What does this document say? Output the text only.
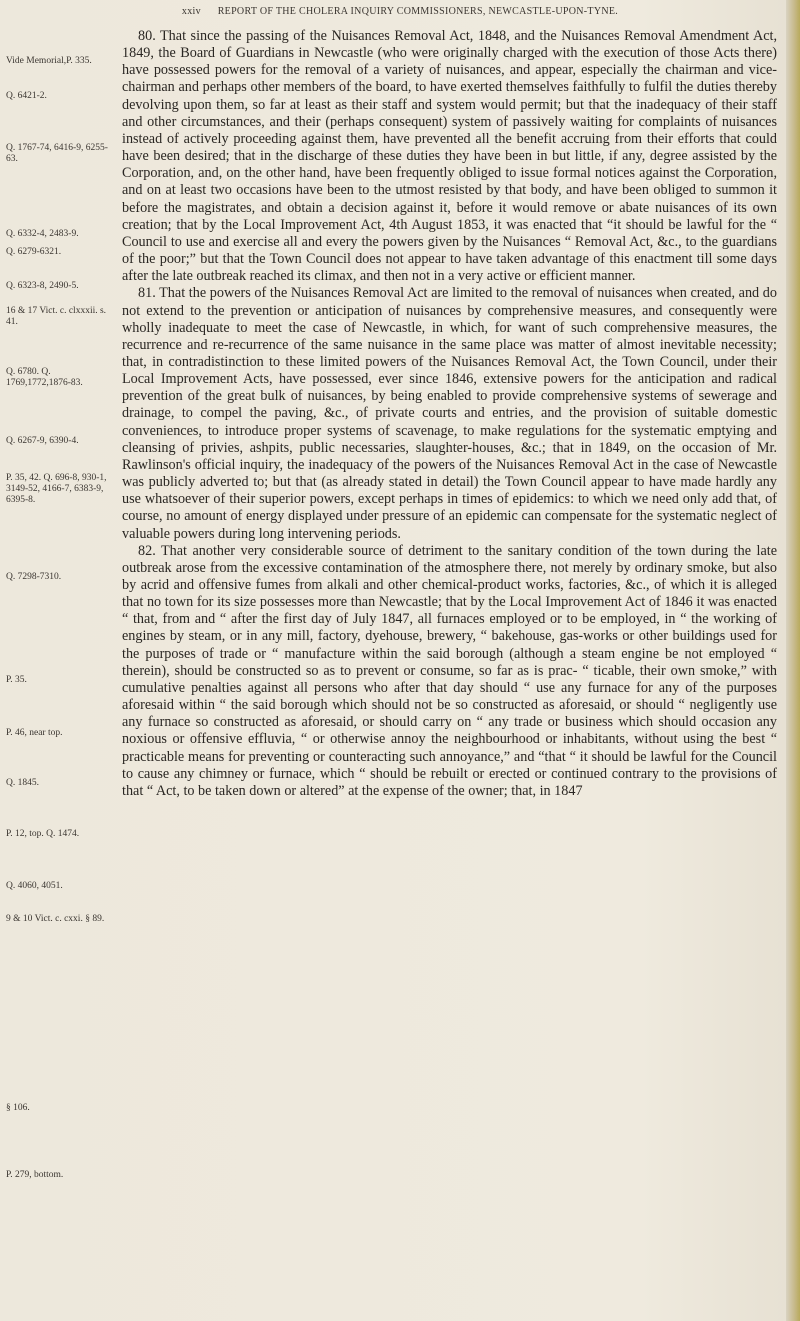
xxiv REPORT OF THE CHOLERA INQUIRY COMMISSIONERS, NEWCASTLE-UPON-TYNE.
Vide Memorial,P. 335.
Q. 6421-2.
Q. 1767-74, 6416-9, 6255-63.
Q. 6332-4, 2483-9.
Q. 6279-6321.
Q. 6323-8, 2490-5.
16 & 17 Vict. c. clxxxii. s. 41.
Q. 6780. Q. 1769,1772,1876-83.
Q. 6267-9, 6390-4.
P. 35, 42. Q. 696-8, 930-1, 3149-52, 4166-7, 6383-9, 6395-8.
Q. 7298-7310.
P. 35.
P. 46, near top.
Q. 1845.
P. 12, top. Q. 1474.
Q. 4060, 4051.
9 & 10 Vict. c. cxxi. § 89.
§ 106.
P. 279, bottom.

80. That since the passing of the Nuisances Removal Act, 1848, and the Nuisances Removal Amendment Act, 1849, the Board of Guardians in Newcastle (who were originally charged with the execution of those Acts there) have possessed powers for the removal of a variety of nuisances, and appear, especially the chairman and vice-chairman and perhaps other members of the board, to have exerted themselves faithfully to fulfil the duties thereby devolving upon them, so far at least as their staff and system would permit; but that the inadequacy of their staff and other circumstances, and their (perhaps consequent) system of passively waiting for complaints of nuisances instead of actively proceeding against them, have prevented all the benefit accruing from their efforts that could have been desired; that in the discharge of these duties they have been in but little, if any, degree assisted by the Corporation, and, on the other hand, have been frequently obliged to issue formal notices against the Corporation, and on at least two occasions have been to the utmost resisted by that body, and have been obliged to summon it before the magistrates, and obtain a decision against it, before it would remove or abate nuisances of its own creation; that by the Local Improvement Act, 4th August 1853, it was enacted that “it should be lawful for the “ Council to use and exercise all and every the powers given by the Nuisances “ Removal Act, &c., to the guardians of the poor;” but that the Town Council does not appear to have taken advantage of this enactment till some days after the late outbreak reached its climax, and then not in a very active or efficient manner.

81. That the powers of the Nuisances Removal Act are limited to the removal of nuisances when created, and do not extend to the prevention or anticipation of nuisances by comprehensive measures, and consequently were wholly inadequate to meet the case of Newcastle, in which, for want of such comprehensive measures, the recurrence and re-recurrence of the same nuisance in the same place was matter of almost inevitable necessity; that, in contradistinction to these limited powers of the Nuisances Removal Act, the Town Council, under their Local Improvement Acts, have possessed, ever since 1846, extensive powers for the anticipation and radical prevention of the great bulk of nuisances, by being enabled to provide comprehensive systems of sewerage and drainage, to compel the paving, &c., of private courts and entries, and the provision of suitable domestic conveniences, to introduce proper systems of scavenage, to make regulations for the systematic emptying and cleansing of privies, ashpits, public necessaries, slaughter-houses, &c.; that in 1849, on the occasion of Mr. Rawlinson's official inquiry, the inadequacy of the powers of the Nuisances Removal Act in the case of Newcastle was publicly adverted to; but that (as already stated in detail) the Town Council appear to have made hardly any use whatsoever of their superior powers, except perhaps in times of epidemics: to which we need only add that, of course, no amount of energy displayed under pressure of an epidemic can compensate for the systematic neglect of valuable powers during long intervening periods.

82. That another very considerable source of detriment to the sanitary condition of the town during the late outbreak arose from the excessive contamination of the atmosphere there, not merely by ordinary smoke, but also by acrid and offensive fumes from alkali and other chemical-product works, factories, &c., of which it is alleged that no town for its size possesses more than Newcastle; that by the Local Improvement Act of 1846 it was enacted “ that, from and “ after the first day of July 1847, all furnaces employed or to be employed, in “ the working of engines by steam, or in any mill, factory, dyehouse, brewery, “ bakehouse, gas-works or other buildings used for the purposes of trade or “ manufacture within the said borough (although a steam engine be not employed “ therein), should be constructed so as to prevent or consume, so far as is prac- “ ticable, their own smoke,” with cumulative penalties against all persons who after that day should “ use any furnace for any of the purposes aforesaid within “ the said borough which should not be so constructed as aforesaid, or should “ negligently use any furnace so constructed as aforesaid, or should carry on “ any trade or business which should occasion any noxious or offensive effluvia, “ or otherwise annoy the neighbourhood or inhabitants, without using the best “ practicable means for preventing or counteracting such annoyance,” and “that “ it should be lawful for the Council to cause any chimney or furnace, which “ should be rebuilt or erected or continued contrary to the provisions of that “ Act, to be taken down or altered” at the expense of the owner; that, in 1847
